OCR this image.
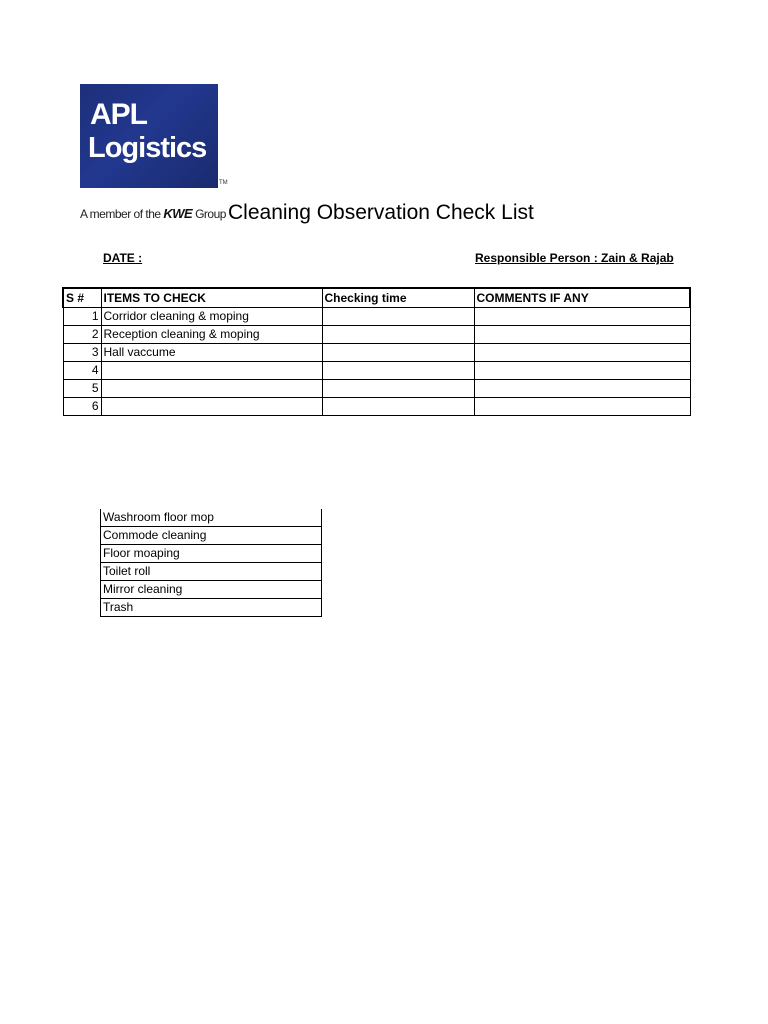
APL
Logistics
TM
A member of the KWE Group Cleaning Observation Check List
DATE :	Responsible Person : Zain & Rajab
S #	ITEMS TO CHECK	Checking time	COMMENTS IF ANY
1	Corridor cleaning & moping		
2	Reception cleaning & moping		
3	Hall vaccume		
4			
5			
6			
Washroom floor mop
Commode cleaning
Floor moaping
Toilet roll
Mirror cleaning
Trash
